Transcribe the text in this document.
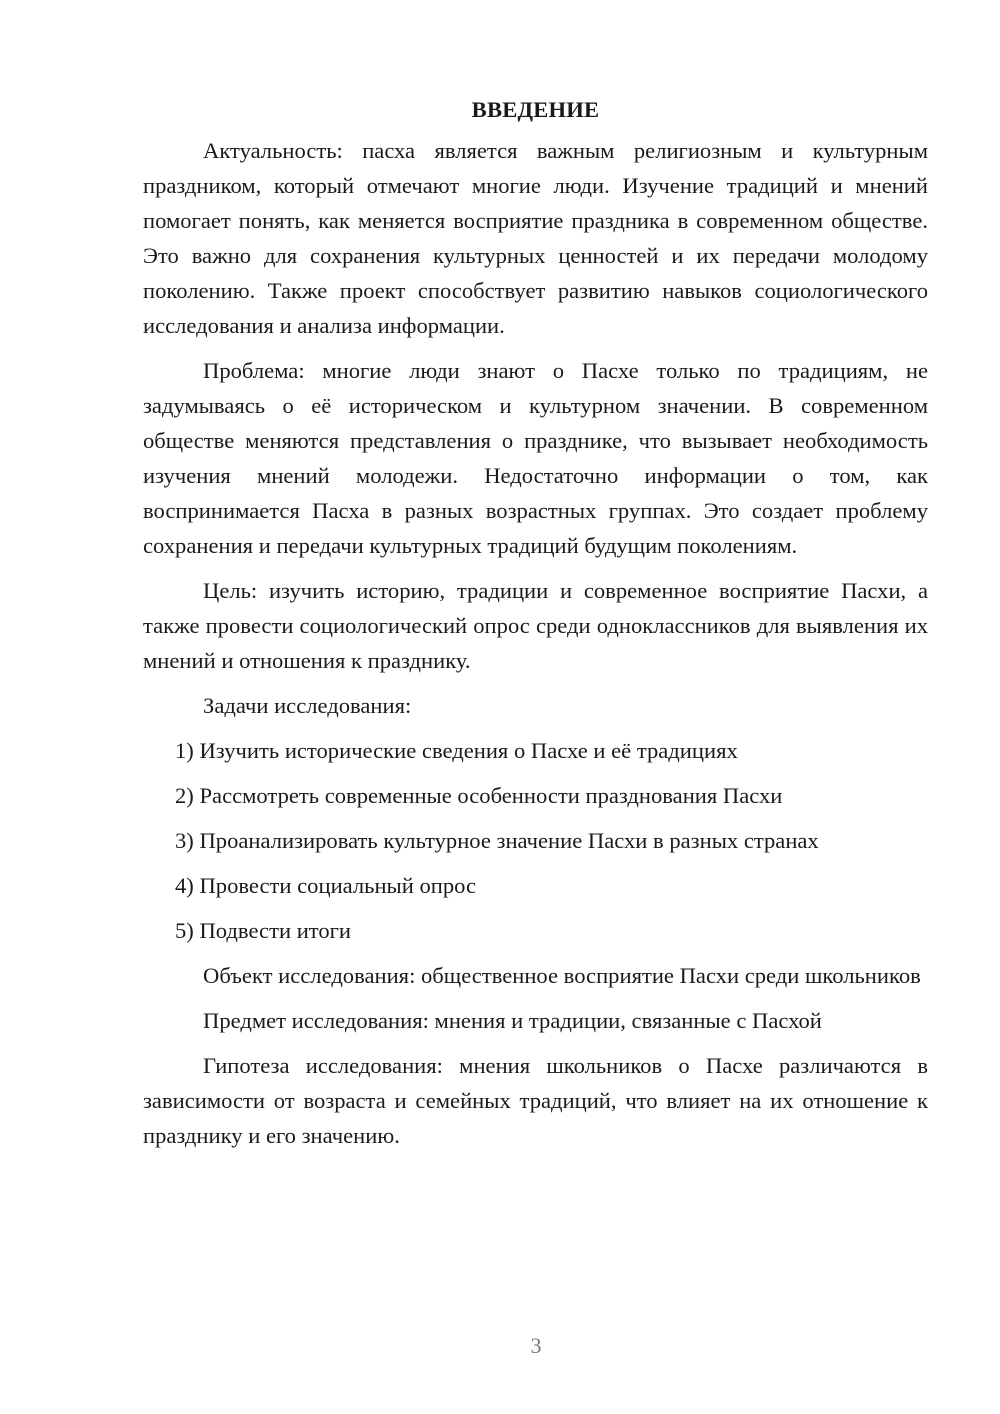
ВВЕДЕНИЕ

Актуальность: пасха является важным религиозным и культурным праздником, который отмечают многие люди. Изучение традиций и мнений помогает понять, как меняется восприятие праздника в современном обществе. Это важно для сохранения культурных ценностей и их передачи молодому поколению. Также проект способствует развитию навыков социологического исследования и анализа информации.

Проблема: многие люди знают о Пасхе только по традициям, не задумываясь о её историческом и культурном значении. В современном обществе меняются представления о празднике, что вызывает необходимость изучения мнений молодежи. Недостаточно информации о том, как воспринимается Пасха в разных возрастных группах. Это создает проблему сохранения и передачи культурных традиций будущим поколениям.

Цель: изучить историю, традиции и современное восприятие Пасхи, а также провести социологический опрос среди одноклассников для выявления их мнений и отношения к празднику.

Задачи исследования:

1) Изучить исторические сведения о Пасхе и её традициях
2) Рассмотреть современные особенности празднования Пасхи
3) Проанализировать культурное значение Пасхи в разных странах
4) Провести социальный опрос
5) Подвести итоги

Объект исследования: общественное восприятие Пасхи среди школьников

Предмет исследования: мнения и традиции, связанные с Пасхой

Гипотеза исследования: мнения школьников о Пасхе различаются в зависимости от возраста и семейных традиций, что влияет на их отношение к празднику и его значению.

3
